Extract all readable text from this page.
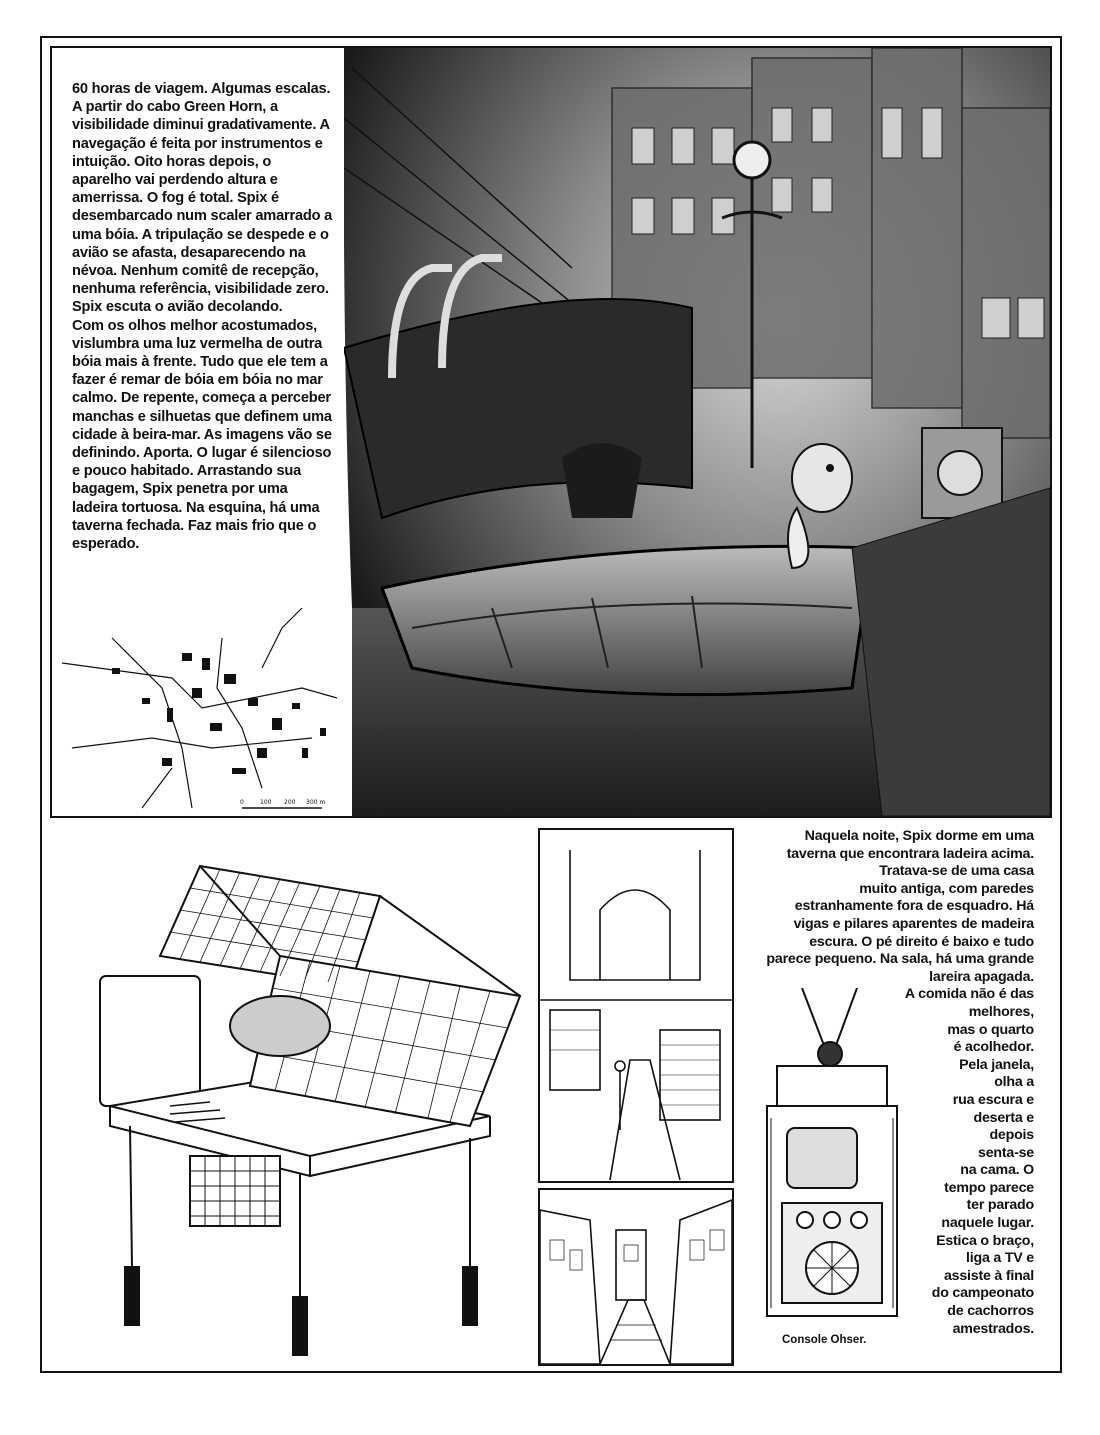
0	100 200 300 m

60 horas de viagem. Algumas escalas. A partir do cabo Green Horn, a visibilidade diminui gradativamente. A navegação é feita por instrumentos e intuição. Oito horas depois, o aparelho vai perdendo altura e amerrissa. O fog é total. Spix é desembarcado num scaler amarrado a uma bóia. A tripulação se despede e o avião se afasta, desaparecendo na névoa. Nenhum comitê de recepção, nenhuma referência, visibilidade zero. Spix escuta o avião decolando.

Com os olhos melhor acostumados, vislumbra uma luz vermelha de outra bóia mais à frente. Tudo que ele tem a fazer é remar de bóia em bóia no mar calmo. De repente, começa a perceber manchas e silhuetas que definem uma cidade à beira-mar. As imagens vão se definindo. Aporta. O lugar é silencioso e pouco habitado. Arrastando sua bagagem, Spix penetra por uma ladeira tortuosa. Na esquina, há uma taverna fechada. Faz mais frio que o esperado.

Naquela noite, Spix dorme em uma
taverna que encontrara ladeira acima.
Tratava-se de uma casa
muito antiga, com paredes
estranhamente fora de esquadro. Há
vigas e pilares aparentes de madeira
escura. O pé direito é baixo e tudo
parece pequeno. Na sala, há uma grande
lareira apagada.
A comida não é das
melhores,
mas o quarto
é acolhedor.
Pela janela,
olha a
rua escura e
deserta e
depois
senta-se
na cama. O
tempo parece
ter parado
naquele lugar.
Estica o braço,
liga a TV e
assiste à final
do campeonato
de cachorros
amestrados.
Console Ohser.
